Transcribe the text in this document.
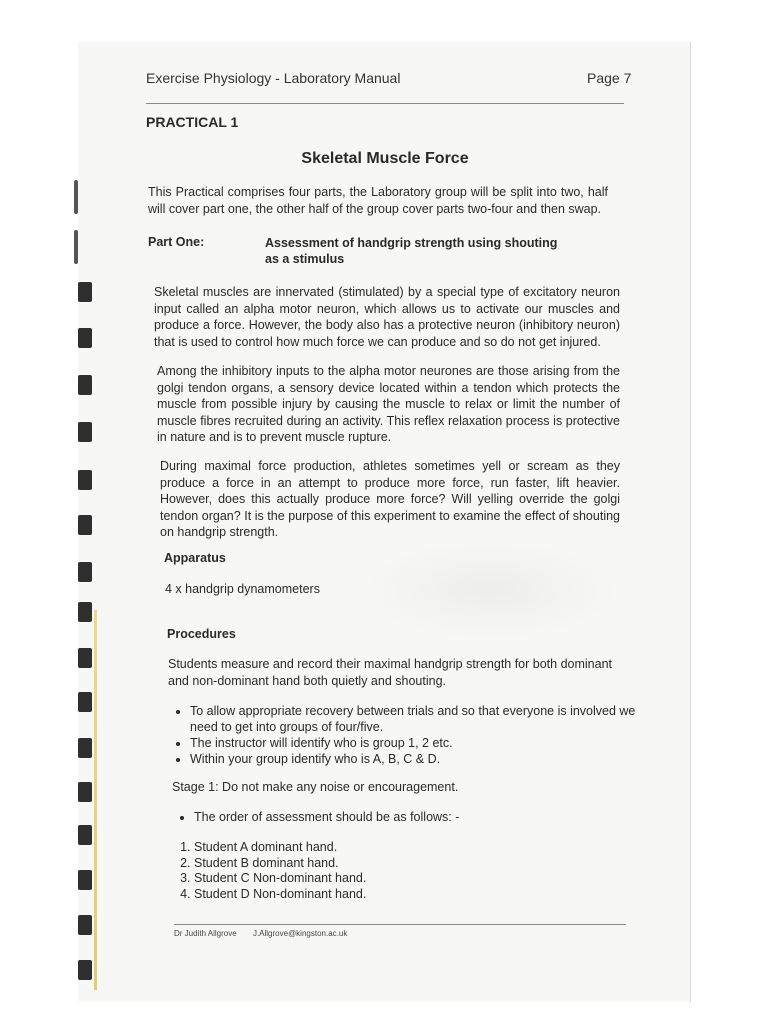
Exercise Physiology - Laboratory Manual	Page 7

PRACTICAL 1

Skeletal Muscle Force

This Practical comprises four parts, the Laboratory group will be split into two, half will cover part one, the other half of the group cover parts two-four and then swap.

Part One:	Assessment of handgrip strength using shouting as a stimulus

Skeletal muscles are innervated (stimulated) by a special type of excitatory neuron input called an alpha motor neuron, which allows us to activate our muscles and produce a force. However, the body also has a protective neuron (inhibitory neuron) that is used to control how much force we can produce and so do not get injured.

Among the inhibitory inputs to the alpha motor neurones are those arising from the golgi tendon organs, a sensory device located within a tendon which protects the muscle from possible injury by causing the muscle to relax or limit the number of muscle fibres recruited during an activity. This reflex relaxation process is protective in nature and is to prevent muscle rupture.

During maximal force production, athletes sometimes yell or scream as they produce a force in an attempt to produce more force, run faster, lift heavier. However, does this actually produce more force? Will yelling override the golgi tendon organ? It is the purpose of this experiment to examine the effect of shouting on handgrip strength.

Apparatus

4 x handgrip dynamometers

Procedures

Students measure and record their maximal handgrip strength for both dominant and non-dominant hand both quietly and shouting.

• To allow appropriate recovery between trials and so that everyone is involved we need to get into groups of four/five.
• The instructor will identify who is group 1, 2 etc.
• Within your group identify who is A, B, C & D.

Stage 1: Do not make any noise or encouragement.

• The order of assessment should be as follows: -
1. Student A dominant hand.
2. Student B dominant hand.
3. Student C Non-dominant hand.
4. Student D Non-dominant hand.

Dr Judith Allgrove J.Allgrove@kingston.ac.uk
